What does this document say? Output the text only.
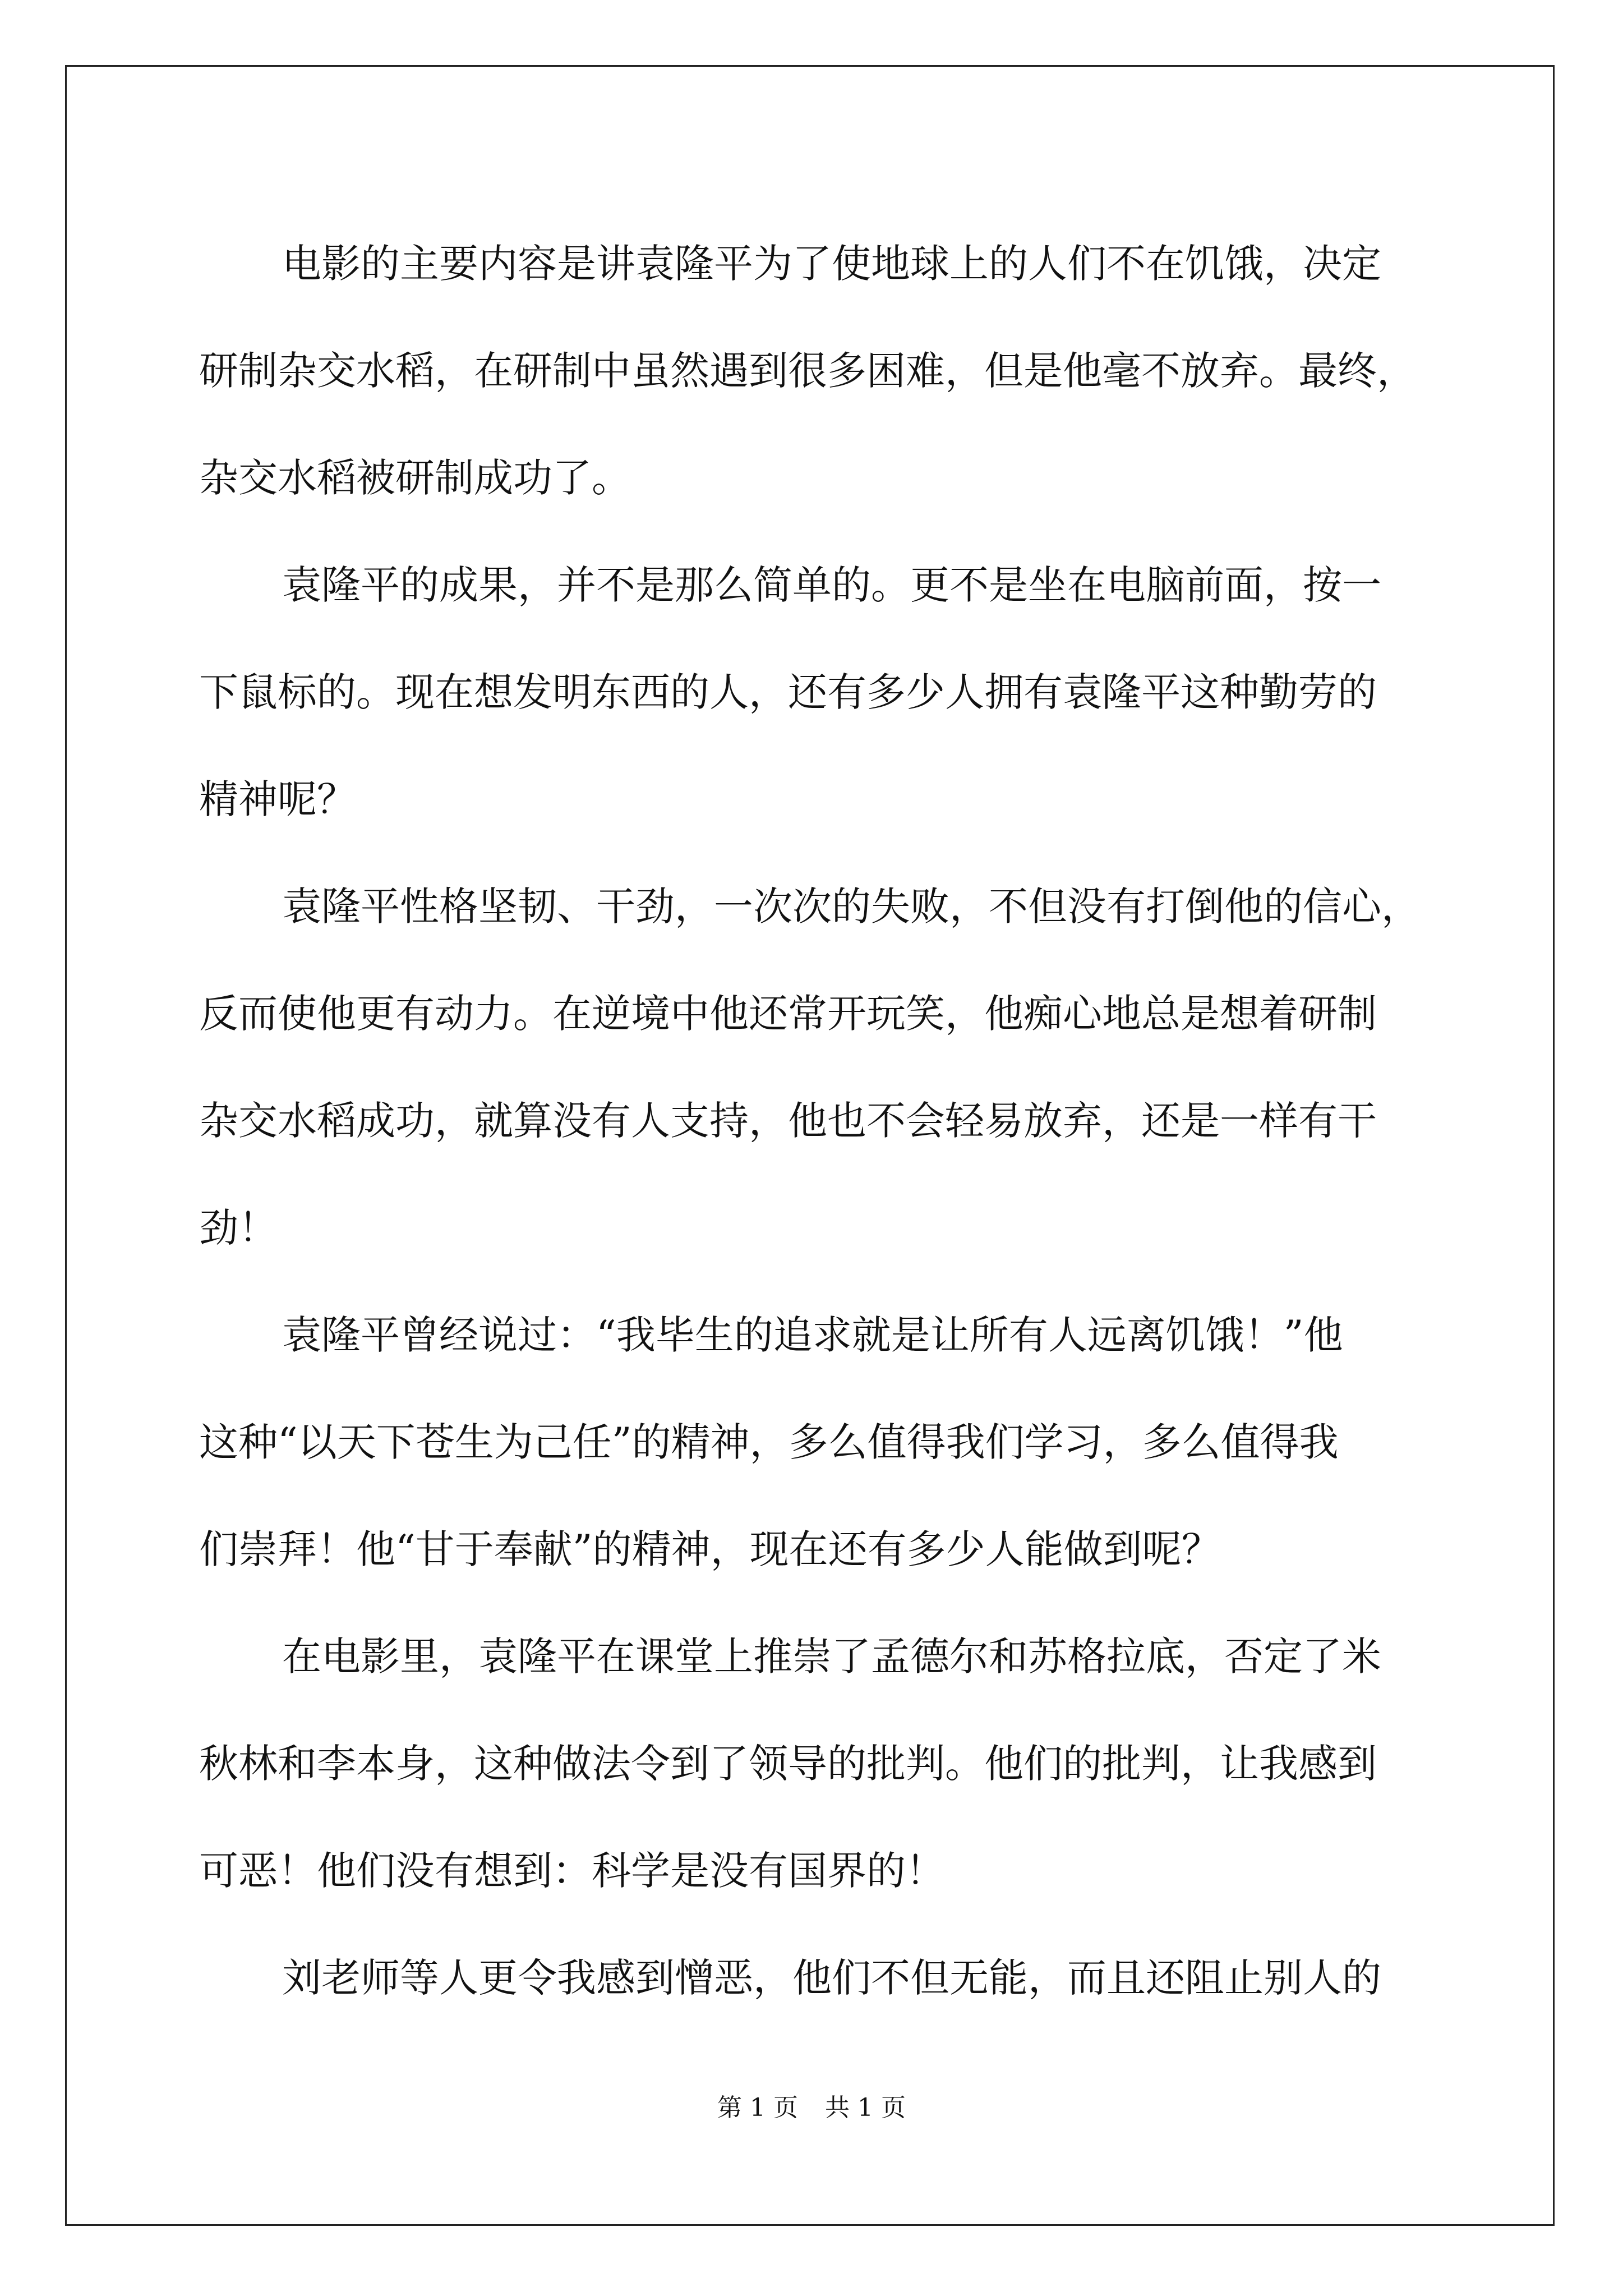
电影的主要内容是讲袁隆平为了使地球上的人们不在饥饿，决定
研制杂交水稻，在研制中虽然遇到很多困难，但是他毫不放弃。最终，
杂交水稻被研制成功了。
袁隆平的成果，并不是那么简单的。更不是坐在电脑前面，按一
下鼠标的。现在想发明东西的人，还有多少人拥有袁隆平这种勤劳的
精神呢？
袁隆平性格坚韧、干劲，一次次的失败，不但没有打倒他的信心，
反而使他更有动力。在逆境中他还常开玩笑，他痴心地总是想着研制
杂交水稻成功，就算没有人支持，他也不会轻易放弃，还是一样有干
劲！
袁隆平曾经说过：“我毕生的追求就是让所有人远离饥饿！”他
这种“以天下苍生为己任”的精神，多么值得我们学习，多么值得我
们崇拜！他“甘于奉献”的精神，现在还有多少人能做到呢？
在电影里，袁隆平在课堂上推崇了孟德尔和苏格拉底，否定了米
秋林和李本身，这种做法令到了领导的批判。他们的批判，让我感到
可恶！他们没有想到：科学是没有国界的！
刘老师等人更令我感到憎恶，他们不但无能，而且还阻止别人的
第 1 页 共 1 页
